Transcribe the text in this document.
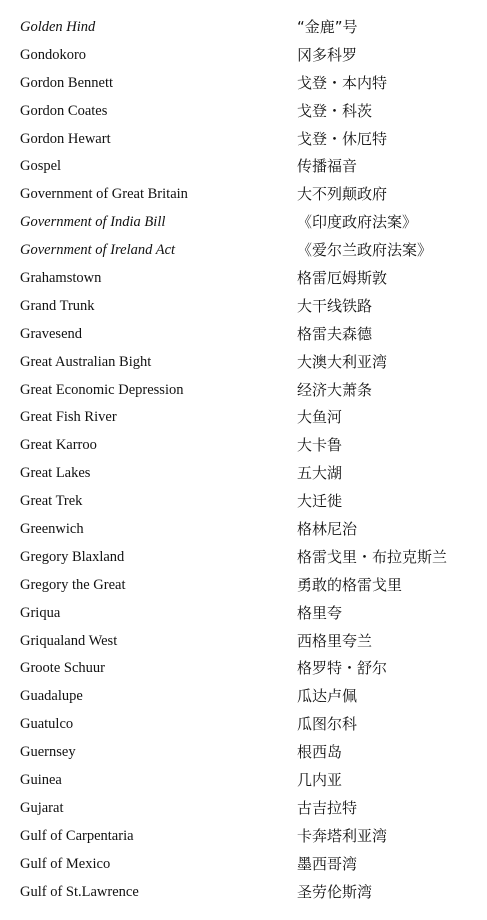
Golden Hind	“金鹿”号
Gondokoro	冈多科罗
Gordon Bennett	戈登・本内特
Gordon Coates	戈登・科茨
Gordon Hewart	戈登・休厄特
Gospel	传播福音
Government of Great Britain	大不列颠政府
Government of India Bill	《印度政府法案》
Government of Ireland Act	《爱尔兰政府法案》
Grahamstown	格雷厄姆斯敦
Grand Trunk	大干线铁路
Gravesend	格雷夫森德
Great Australian Bight	大澳大利亚湾
Great Economic Depression	经济大萧条
Great Fish River	大鱼河
Great Karroo	大卡鲁
Great Lakes	五大湖
Great Trek	大迁徙
Greenwich	格林尼治
Gregory Blaxland	格雷戈里・布拉克斯兰
Gregory the Great	勇敢的格雷戈里
Griqua	格里夸
Griqualand West	西格里夸兰
Groote Schuur	格罗特・舒尔
Guadalupe	瓜达卢佩
Guatulco	瓜图尔科
Guernsey	根西岛
Guinea	几内亚
Gujarat	古吉拉特
Gulf of Carpentaria	卡奔塔利亚湾
Gulf of Mexico	墨西哥湾
Gulf of St.Lawrence	圣劳伦斯湾
